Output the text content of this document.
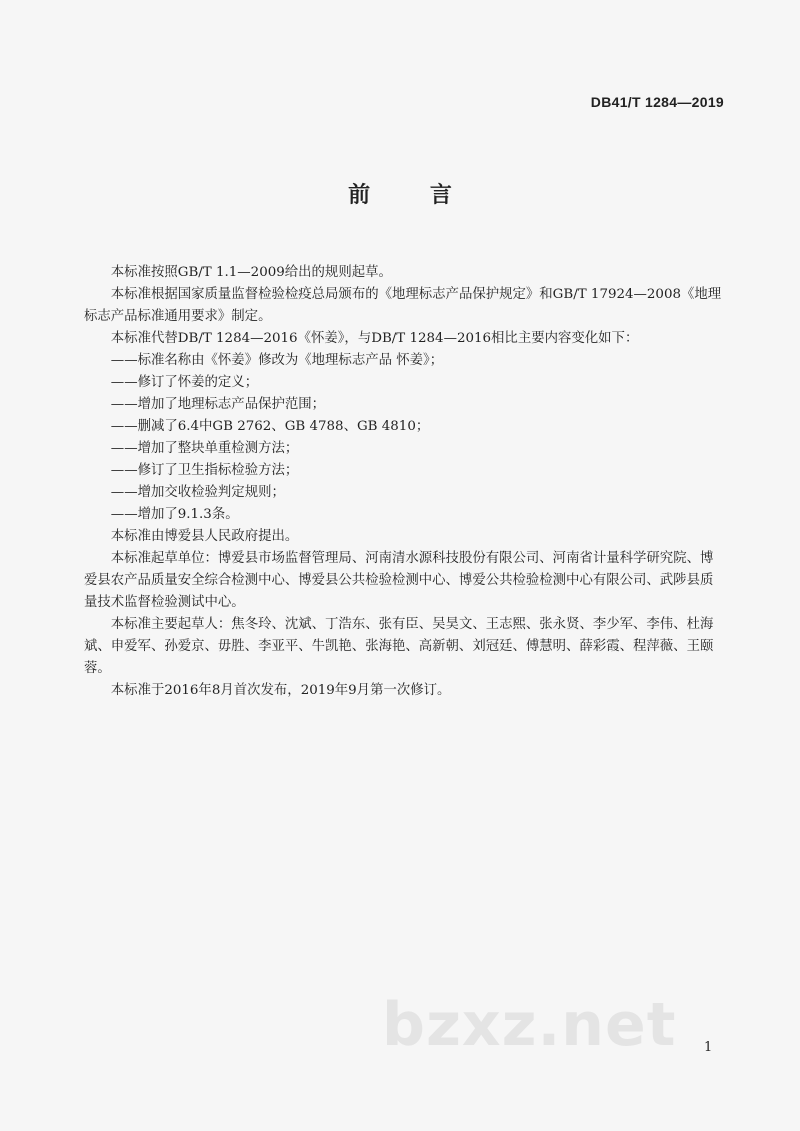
DB41/T 1284—2019
前 言

本标准按照GB/T 1.1—2009给出的规则起草。

本标准根据国家质量监督检验检疫总局颁布的《地理标志产品保护规定》和GB/T 17924—2008《地理标志产品标准通用要求》制定。

本标准代替DB/T 1284—2016《怀姜》，与DB/T 1284—2016相比主要内容变化如下：

——标准名称由《怀姜》修改为《地理标志产品 怀姜》；

——修订了怀姜的定义；

——增加了地理标志产品保护范围；

——删减了6.4中GB 2762、GB 4788、GB 4810；

——增加了整块单重检测方法；

——修订了卫生指标检验方法；

——增加交收检验判定规则；

——增加了9.1.3条。

本标准由博爱县人民政府提出。

本标准起草单位：博爱县市场监督管理局、河南清水源科技股份有限公司、河南省计量科学研究院、博爱县农产品质量安全综合检测中心、博爱县公共检验检测中心、博爱公共检验检测中心有限公司、武陟县质量技术监督检验测试中心。

本标准主要起草人：焦冬玲、沈斌、丁浩东、张有臣、吴昊文、王志熙、张永贤、李少军、李伟、杜海斌、申爱军、孙爱京、毋胜、李亚平、牛凯艳、张海艳、高新朝、刘冠廷、傅慧明、薛彩霞、程萍薇、王颐蓉。

本标准于2016年8月首次发布，2019年9月第一次修订。

bzxz.net 1
